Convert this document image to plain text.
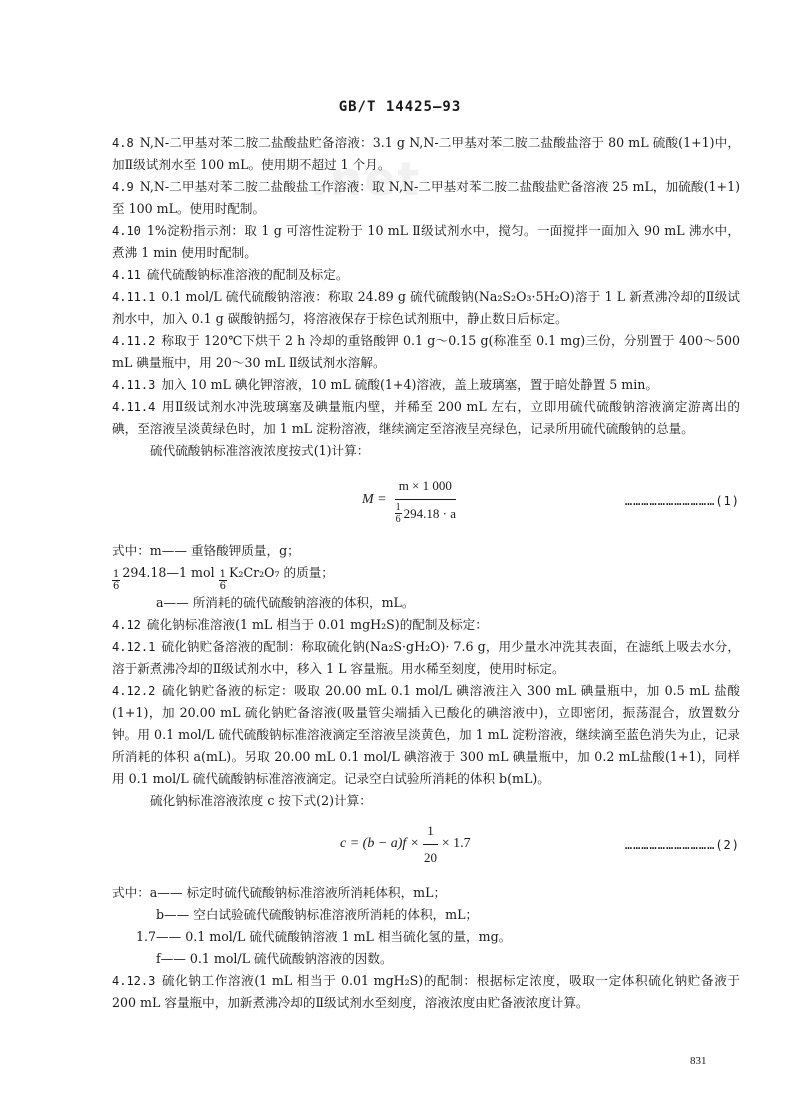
.net
GB/T 14425—93

4.8 N,N-二甲基对苯二胺二盐酸盐贮备溶液：3.1 g N,N-二甲基对苯二胺二盐酸盐溶于 80 mL 硫酸(1+1)中，加Ⅱ级试剂水至 100 mL。使用期不超过 1 个月。

4.9 N,N-二甲基对苯二胺二盐酸盐工作溶液：取 N,N-二甲基对苯二胺二盐酸盐贮备溶液 25 mL，加硫酸(1+1)至 100 mL。使用时配制。

4.10 1%淀粉指示剂：取 1 g 可溶性淀粉于 10 mL Ⅱ级试剂水中，搅匀。一面搅拌一面加入 90 mL 沸水中，煮沸 1 min 使用时配制。

4.11 硫代硫酸钠标准溶液的配制及标定。

4.11.1 0.1 mol/L 硫代硫酸钠溶液：称取 24.89 g 硫代硫酸钠(Na₂S₂O₃·5H₂O)溶于 1 L 新煮沸冷却的Ⅱ级试剂水中，加入 0.1 g 碳酸钠摇匀，将溶液保存于棕色试剂瓶中，静止数日后标定。

4.11.2 称取于 120℃下烘干 2 h 冷却的重铬酸钾 0.1 g～0.15 g(称准至 0.1 mg)三份，分别置于 400～500 mL 碘量瓶中，用 20～30 mL Ⅱ级试剂水溶解。

4.11.3 加入 10 mL 碘化钾溶液，10 mL 硫酸(1+4)溶液，盖上玻璃塞，置于暗处静置 5 min。

4.11.4 用Ⅱ级试剂水冲洗玻璃塞及碘量瓶内壁，并稀至 200 mL 左右，立即用硫代硫酸钠溶液滴定游离出的碘，至溶液呈淡黄绿色时，加 1 mL 淀粉溶液，继续滴定至溶液呈亮绿色，记录所用硫代硫酸钠的总量。

硫代硫酸钠标准溶液浓度按式(1)计算：

$M = \frac{m \times 1 000}{\frac{1}{6} 294.18 \cdot a}$	……………………………(1)
式中：m—— 重铬酸钾质量，g；
$\frac{1}{6}$ 294.18—1 mol $\frac{1}{6} K_2Cr_2O_7$ 的质量；
a—— 所消耗的硫代硫酸钠溶液的体积，mL。

4.12 硫化钠标准溶液(1 mL 相当于 0.01 mgH₂S)的配制及标定：

4.12.1 硫化钠贮备溶液的配制：称取硫化钠(Na₂S·gH₂O)· 7.6 g，用少量水冲洗其表面，在滤纸上吸去水分，溶于新煮沸冷却的Ⅱ级试剂水中，移入 1 L 容量瓶。用水稀至刻度，使用时标定。

4.12.2 硫化钠贮备液的标定：吸取 20.00 mL 0.1 mol/L 碘溶液注入 300 mL 碘量瓶中，加 0.5 mL 盐酸(1+1)，加 20.00 mL 硫化钠贮备溶液(吸量管尖端插入已酸化的碘溶液中)，立即密闭，振荡混合，放置数分钟。用 0.1 mol/L 硫代硫酸钠标准溶液滴定至溶液呈淡黄色，加 1 mL 淀粉溶液，继续滴至蓝色消失为止，记录所消耗的体积 a(mL)。另取 20.00 mL 0.1 mol/L 碘溶液于 300 mL 碘量瓶中，加 0.2 mL盐酸(1+1)，同样用 0.1 mol/L 硫代硫酸钠标准溶液滴定。记录空白试验所消耗的体积 b(mL)。

硫化钠标准溶液浓度 c 按下式(2)计算：

$c = (b - a)f \times \frac{1}{20} \times 1.7$	……………………………(2)
式中：a—— 标定时硫代硫酸钠标准溶液所消耗体积，mL；
b—— 空白试验硫代硫酸钠标准溶液所消耗的体积，mL；
1.7—— 0.1 mol/L 硫代硫酸钠溶液 1 mL 相当硫化氢的量，mg。
f—— 0.1 mol/L 硫代硫酸钠溶液的因数。

4.12.3 硫化钠工作溶液(1 mL 相当于 0.01 mgH₂S)的配制：根据标定浓度，吸取一定体积硫化钠贮备液于 200 mL 容量瓶中，加新煮沸冷却的Ⅱ级试剂水至刻度，溶液浓度由贮备液浓度计算。

831
